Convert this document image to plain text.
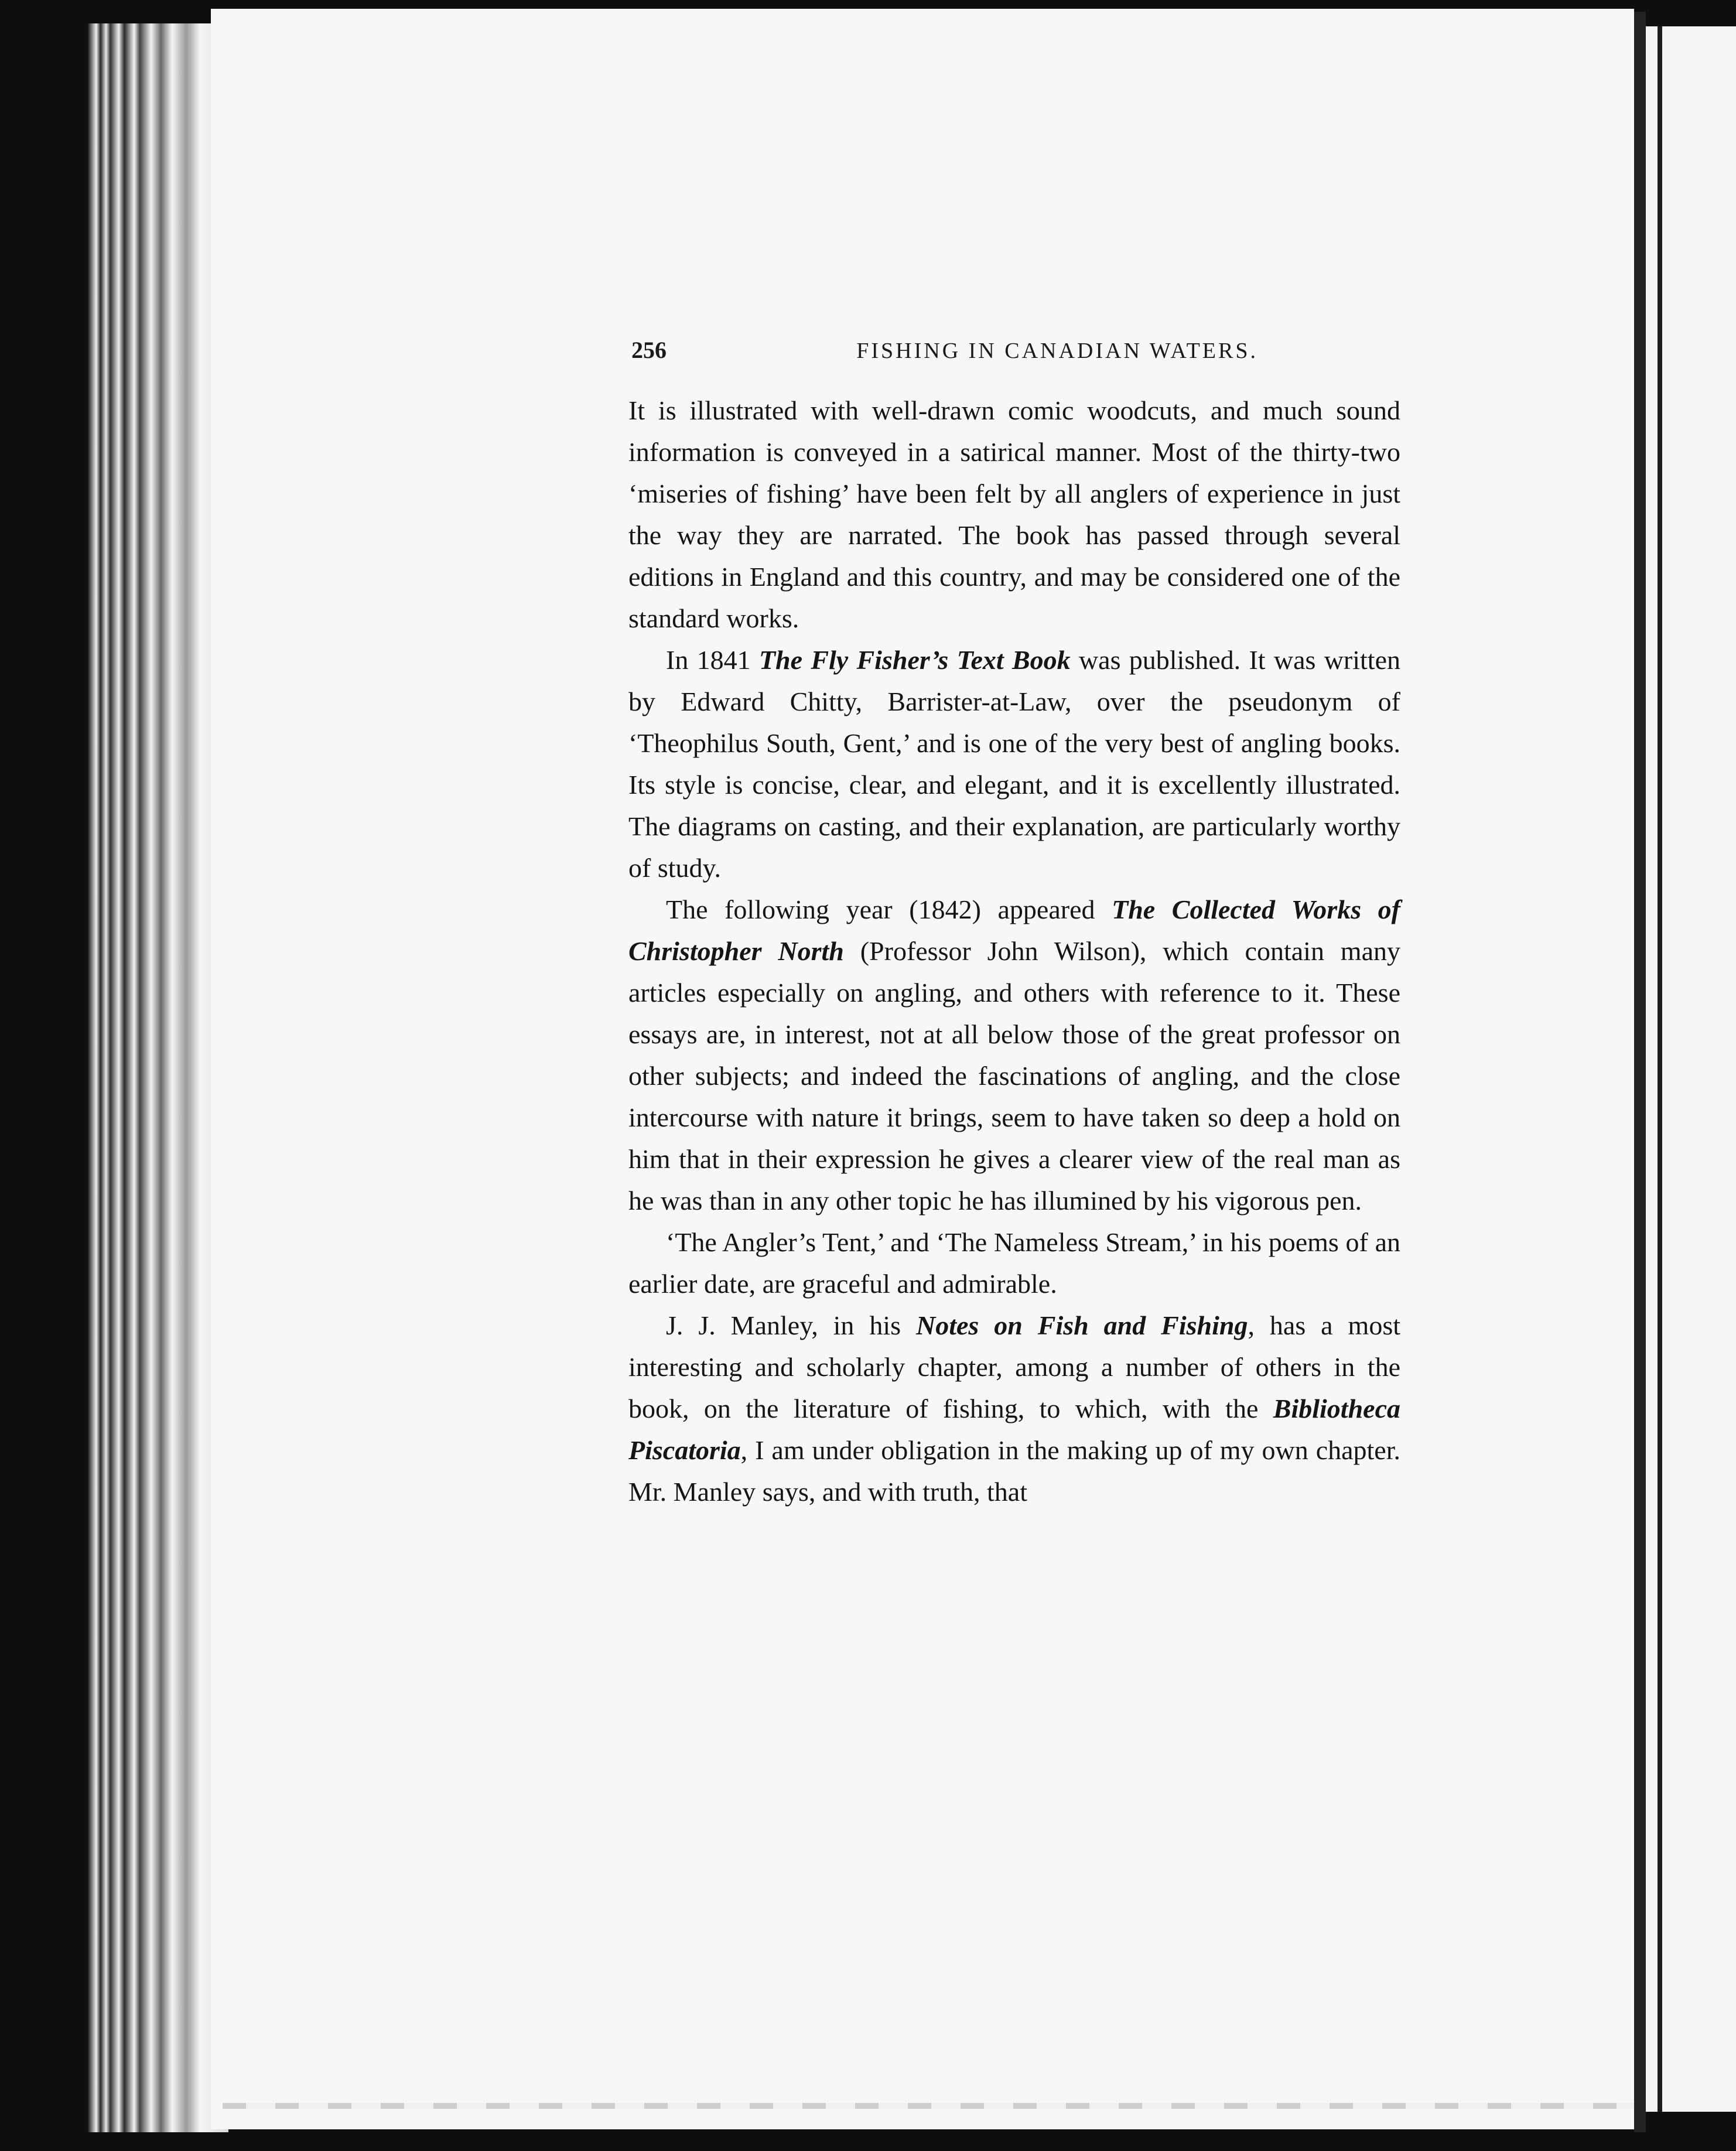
256	FISHING IN CANADIAN WATERS.

It is illustrated with well-drawn comic woodcuts, and much sound information is conveyed in a satirical manner. Most of the thirty-two ‘miseries of fishing’ have been felt by all anglers of experience in just the way they are narrated. The book has passed through several editions in England and this country, and may be considered one of the standard works.

In 1841 The Fly Fisher’s Text Book was published. It was written by Edward Chitty, Barrister-at-Law, over the pseudonym of ‘Theophilus South, Gent,’ and is one of the very best of angling books. Its style is concise, clear, and elegant, and it is excellently illustrated. The diagrams on casting, and their explanation, are particularly worthy of study.

The following year (1842) appeared The Collected Works of Christopher North (Professor John Wilson), which contain many articles especially on angling, and others with reference to it. These essays are, in interest, not at all below those of the great professor on other subjects; and indeed the fascinations of angling, and the close intercourse with nature it brings, seem to have taken so deep a hold on him that in their expression he gives a clearer view of the real man as he was than in any other topic he has illumined by his vigorous pen.

‘The Angler’s Tent,’ and ‘The Nameless Stream,’ in his poems of an earlier date, are graceful and admirable.

J. J. Manley, in his Notes on Fish and Fishing, has a most interesting and scholarly chapter, among a number of others in the book, on the literature of fishing, to which, with the Bibliotheca Piscatoria, I am under obligation in the making up of my own chapter. Mr. Manley says, and with truth, that
